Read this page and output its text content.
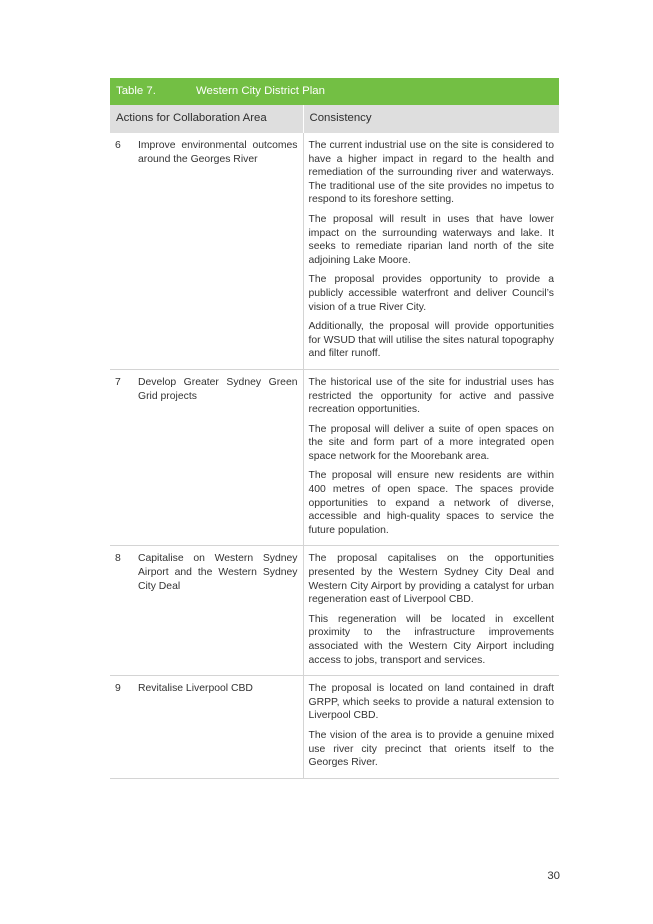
Table 7. Western City District Plan		
Actions for Collaboration Area		Consistency
6	Improve environmental outcomes around the Georges River	The current industrial use on the site is considered to have a higher impact in regard to the health and remediation of the surrounding river and waterways. The traditional use of the site provides no impetus to respond to its foreshore setting.

The proposal will result in uses that have lower impact on the surrounding waterways and lake. It seeks to remediate riparian land north of the site adjoining Lake Moore.

The proposal provides opportunity to provide a publicly accessible waterfront and deliver Council’s vision of a true River City.

Additionally, the proposal will provide opportunities for WSUD that will utilise the sites natural topography and filter runoff.

7	Develop Greater Sydney Green Grid projects	The historical use of the site for industrial uses has restricted the opportunity for active and passive recreation opportunities.

The proposal will deliver a suite of open spaces on the site and form part of a more integrated open space network for the Moorebank area.

The proposal will ensure new residents are within 400 metres of open space. The spaces provide opportunities to expand a network of diverse, accessible and high-quality spaces to service the future population.

8	Capitalise on Western Sydney Airport and the Western Sydney City Deal	The proposal capitalises on the opportunities presented by the Western Sydney City Deal and Western City Airport by providing a catalyst for urban regeneration east of Liverpool CBD.

This regeneration will be located in excellent proximity to the infrastructure improvements associated with the Western City Airport including access to jobs, transport and services.

9	Revitalise Liverpool CBD	The proposal is located on land contained in draft GRPP, which seeks to provide a natural extension to Liverpool CBD.

The vision of the area is to provide a genuine mixed use river city precinct that orients itself to the Georges River.

30
